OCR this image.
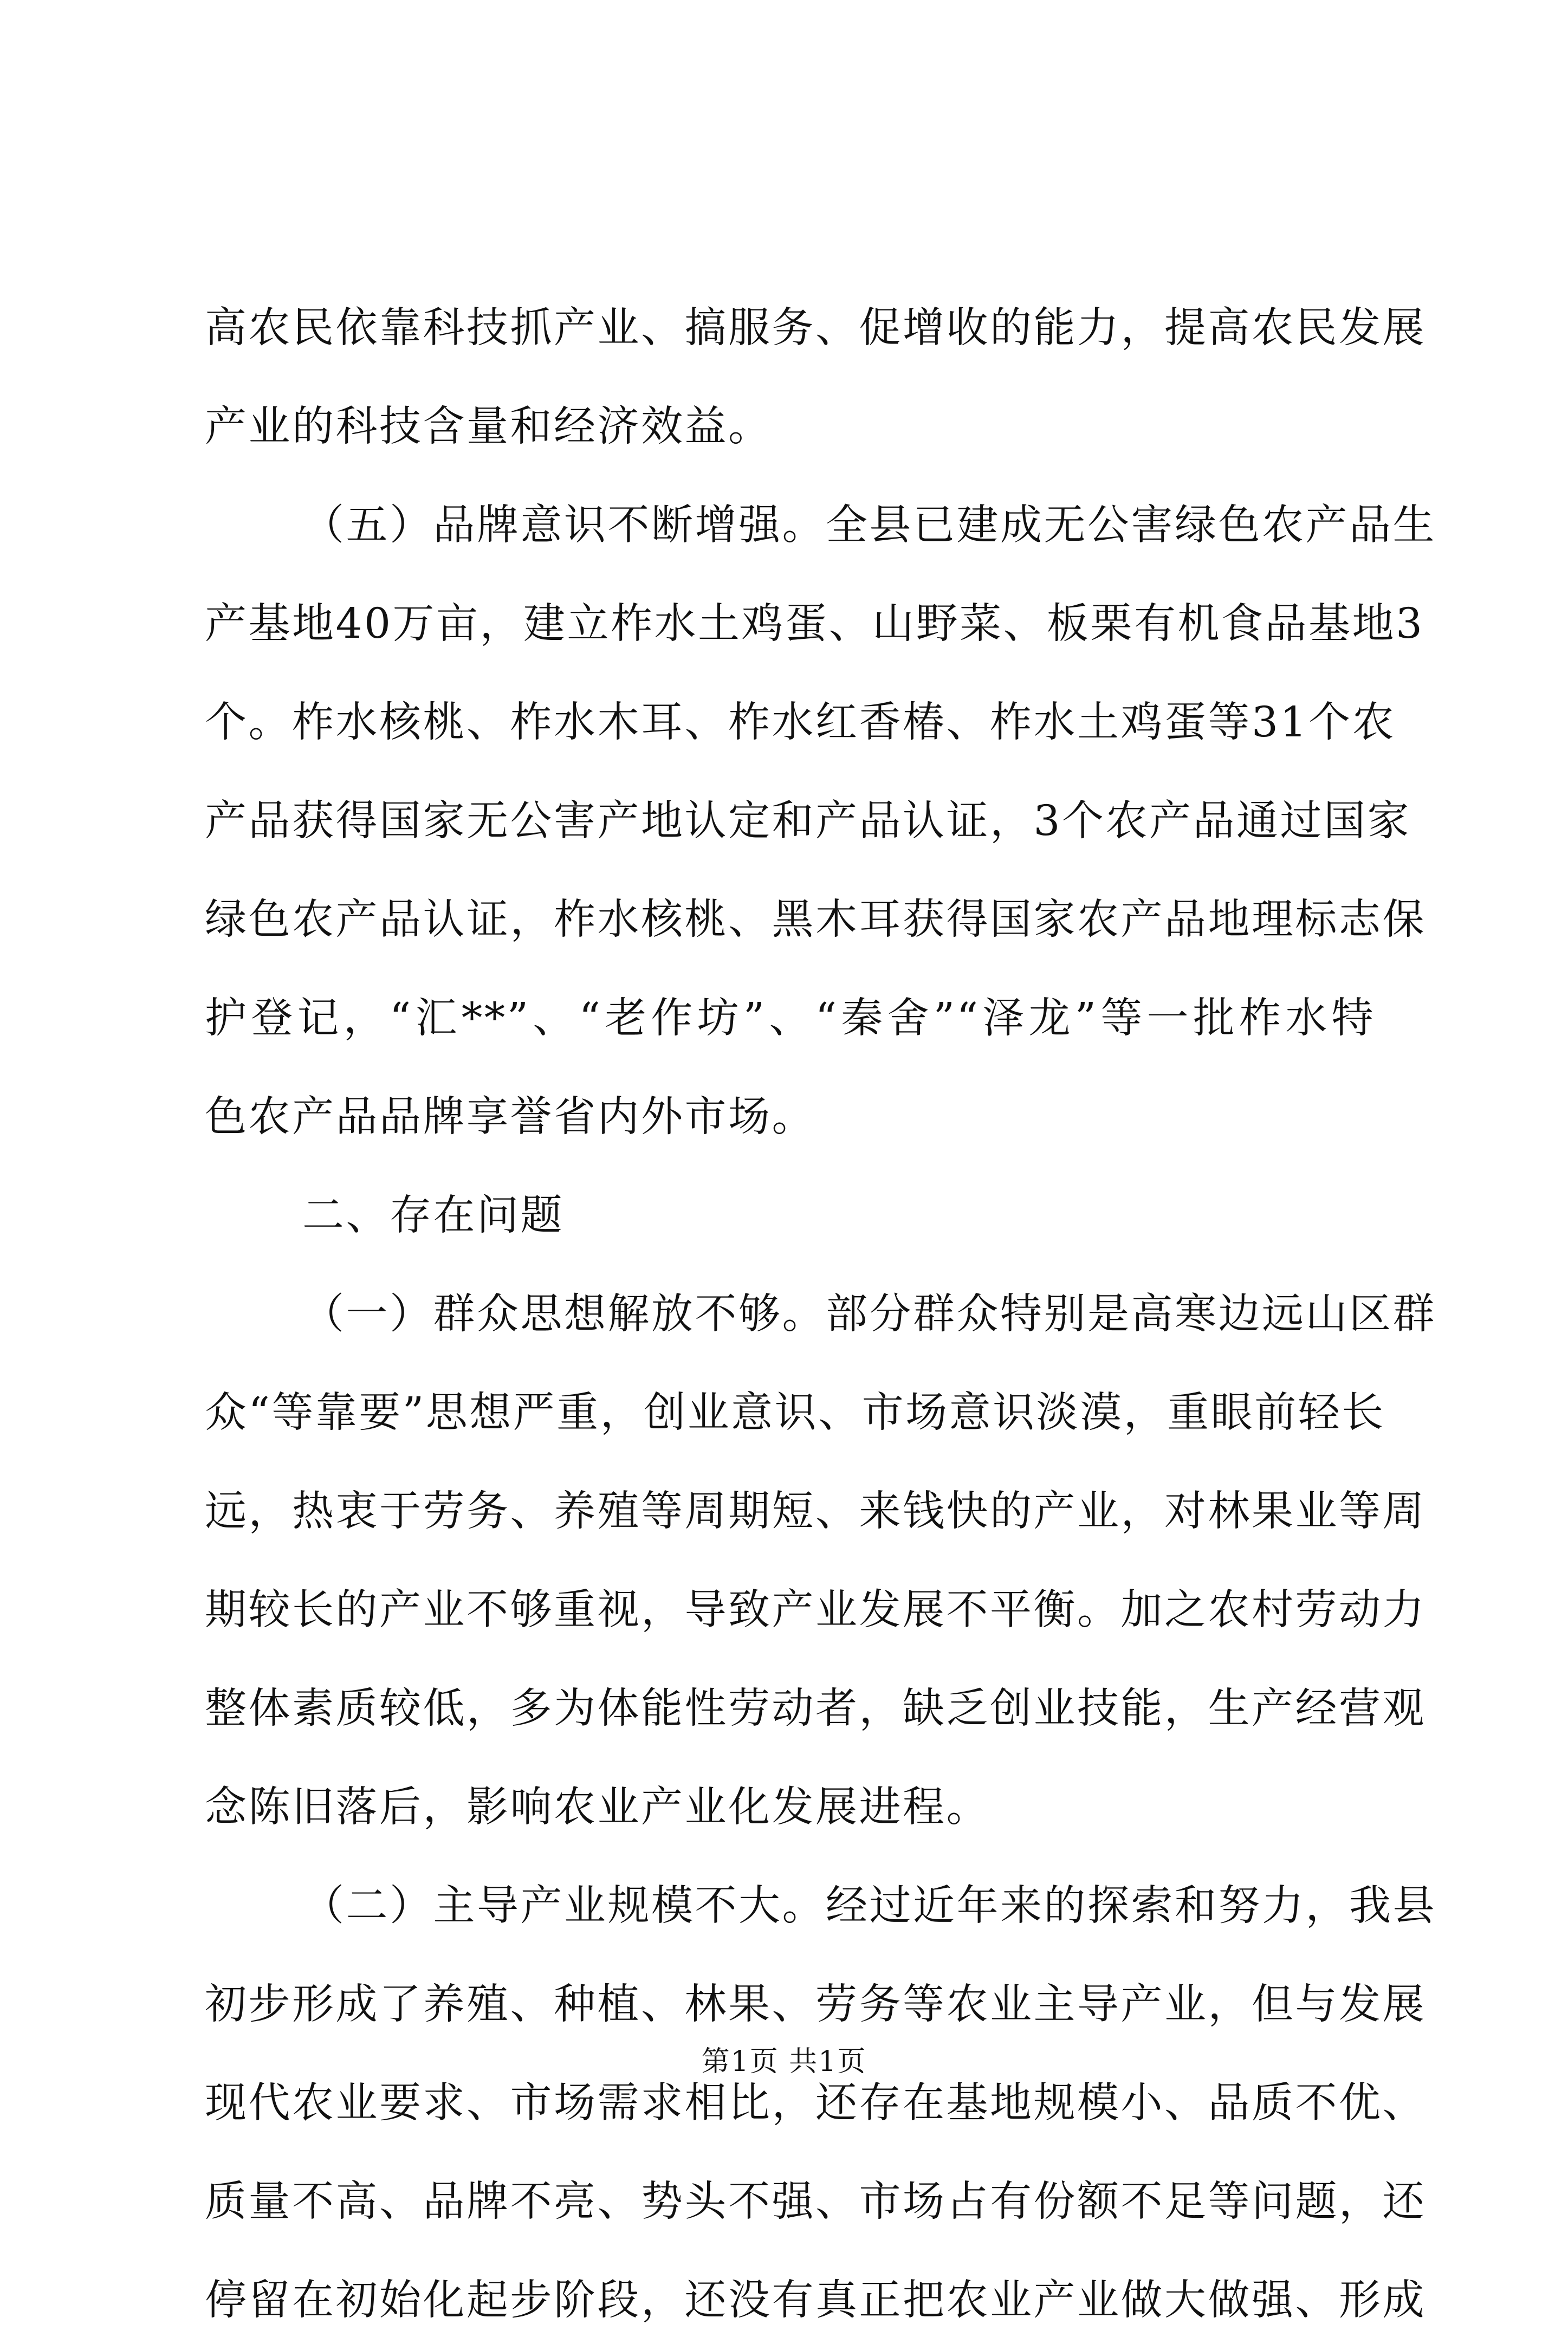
高农民依靠科技抓产业、搞服务、促增收的能力，提高农民发展
产业的科技含量和经济效益。
（五）品牌意识不断增强。全县已建成无公害绿色农产品生
产基地40万亩，建立柞水土鸡蛋、山野菜、板栗有机食品基地3
个。柞水核桃、柞水木耳、柞水红香椿、柞水土鸡蛋等31个农
产品获得国家无公害产地认定和产品认证，3个农产品通过国家
绿色农产品认证，柞水核桃、黑木耳获得国家农产品地理标志保
护登记，“汇**”、“老作坊”、“秦舍”“泽龙”等一批柞水特
色农产品品牌享誉省内外市场。
二、存在问题
（一）群众思想解放不够。部分群众特别是高寒边远山区群
众“等靠要”思想严重，创业意识、市场意识淡漠，重眼前轻长
远，热衷于劳务、养殖等周期短、来钱快的产业，对林果业等周
期较长的产业不够重视，导致产业发展不平衡。加之农村劳动力
整体素质较低，多为体能性劳动者，缺乏创业技能，生产经营观
念陈旧落后，影响农业产业化发展进程。
（二）主导产业规模不大。经过近年来的探索和努力，我县
初步形成了养殖、种植、林果、劳务等农业主导产业，但与发展
现代农业要求、市场需求相比，还存在基地规模小、品质不优、
质量不高、品牌不亮、势头不强、市场占有份额不足等问题，还
停留在初始化起步阶段，还没有真正把农业产业做大做强、形成
第1页 共1页
